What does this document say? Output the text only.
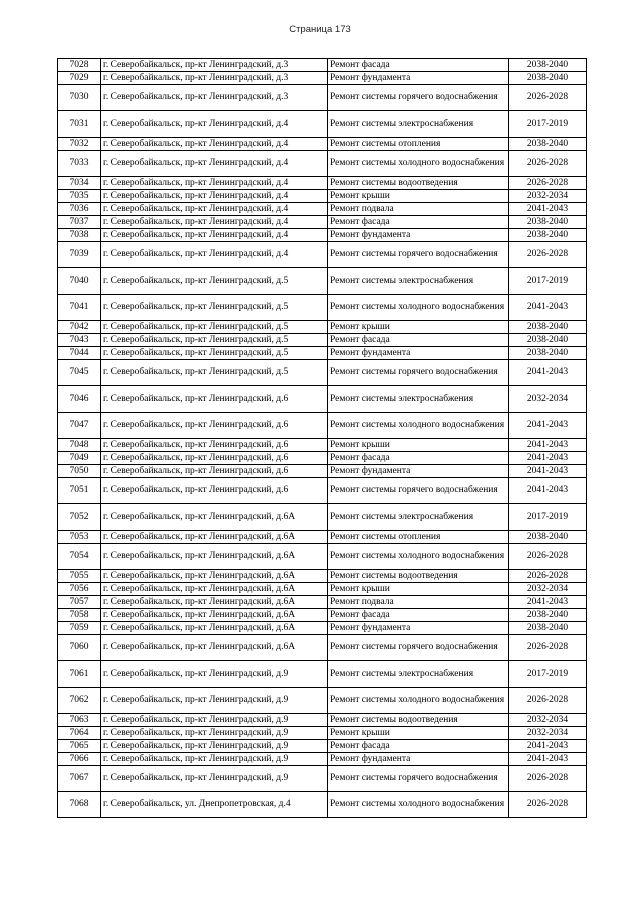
Страница 173
7028	г. Северобайкальск, пр-кт Ленинградский, д.3	Ремонт фасада	2038-2040
7029	г. Северобайкальск, пр-кт Ленинградский, д.3	Ремонт фундамента	2038-2040
7030	г. Северобайкальск, пр-кт Ленинградский, д.3	Ремонт системы горячего водоснабжения	2026-2028
7031	г. Северобайкальск, пр-кт Ленинградский, д.4	Ремонт системы электроснабжения	2017-2019
7032	г. Северобайкальск, пр-кт Ленинградский, д.4	Ремонт системы отопления	2038-2040
7033	г. Северобайкальск, пр-кт Ленинградский, д.4	Ремонт системы холодного водоснабжения	2026-2028
7034	г. Северобайкальск, пр-кт Ленинградский, д.4	Ремонт системы водоотведения	2026-2028
7035	г. Северобайкальск, пр-кт Ленинградский, д.4	Ремонт крыши	2032-2034
7036	г. Северобайкальск, пр-кт Ленинградский, д.4	Ремонт подвала	2041-2043
7037	г. Северобайкальск, пр-кт Ленинградский, д.4	Ремонт фасада	2038-2040
7038	г. Северобайкальск, пр-кт Ленинградский, д.4	Ремонт фундамента	2038-2040
7039	г. Северобайкальск, пр-кт Ленинградский, д.4	Ремонт системы горячего водоснабжения	2026-2028
7040	г. Северобайкальск, пр-кт Ленинградский, д.5	Ремонт системы электроснабжения	2017-2019
7041	г. Северобайкальск, пр-кт Ленинградский, д.5	Ремонт системы холодного водоснабжения	2041-2043
7042	г. Северобайкальск, пр-кт Ленинградский, д.5	Ремонт крыши	2038-2040
7043	г. Северобайкальск, пр-кт Ленинградский, д.5	Ремонт фасада	2038-2040
7044	г. Северобайкальск, пр-кт Ленинградский, д.5	Ремонт фундамента	2038-2040
7045	г. Северобайкальск, пр-кт Ленинградский, д.5	Ремонт системы горячего водоснабжения	2041-2043
7046	г. Северобайкальск, пр-кт Ленинградский, д.6	Ремонт системы электроснабжения	2032-2034
7047	г. Северобайкальск, пр-кт Ленинградский, д.6	Ремонт системы холодного водоснабжения	2041-2043
7048	г. Северобайкальск, пр-кт Ленинградский, д.6	Ремонт крыши	2041-2043
7049	г. Северобайкальск, пр-кт Ленинградский, д.6	Ремонт фасада	2041-2043
7050	г. Северобайкальск, пр-кт Ленинградский, д.6	Ремонт фундамента	2041-2043
7051	г. Северобайкальск, пр-кт Ленинградский, д.6	Ремонт системы горячего водоснабжения	2041-2043
7052	г. Северобайкальск, пр-кт Ленинградский, д.6А	Ремонт системы электроснабжения	2017-2019
7053	г. Северобайкальск, пр-кт Ленинградский, д.6А	Ремонт системы отопления	2038-2040
7054	г. Северобайкальск, пр-кт Ленинградский, д.6А	Ремонт системы холодного водоснабжения	2026-2028
7055	г. Северобайкальск, пр-кт Ленинградский, д.6А	Ремонт системы водоотведения	2026-2028
7056	г. Северобайкальск, пр-кт Ленинградский, д.6А	Ремонт крыши	2032-2034
7057	г. Северобайкальск, пр-кт Ленинградский, д.6А	Ремонт подвала	2041-2043
7058	г. Северобайкальск, пр-кт Ленинградский, д.6А	Ремонт фасада	2038-2040
7059	г. Северобайкальск, пр-кт Ленинградский, д.6А	Ремонт фундамента	2038-2040
7060	г. Северобайкальск, пр-кт Ленинградский, д.6А	Ремонт системы горячего водоснабжения	2026-2028
7061	г. Северобайкальск, пр-кт Ленинградский, д.9	Ремонт системы электроснабжения	2017-2019
7062	г. Северобайкальск, пр-кт Ленинградский, д.9	Ремонт системы холодного водоснабжения	2026-2028
7063	г. Северобайкальск, пр-кт Ленинградский, д.9	Ремонт системы водоотведения	2032-2034
7064	г. Северобайкальск, пр-кт Ленинградский, д.9	Ремонт крыши	2032-2034
7065	г. Северобайкальск, пр-кт Ленинградский, д.9	Ремонт фасада	2041-2043
7066	г. Северобайкальск, пр-кт Ленинградский, д.9	Ремонт фундамента	2041-2043
7067	г. Северобайкальск, пр-кт Ленинградский, д.9	Ремонт системы горячего водоснабжения	2026-2028
7068	г. Северобайкальск, ул. Днепропетровская, д.4	Ремонт системы холодного водоснабжения	2026-2028
